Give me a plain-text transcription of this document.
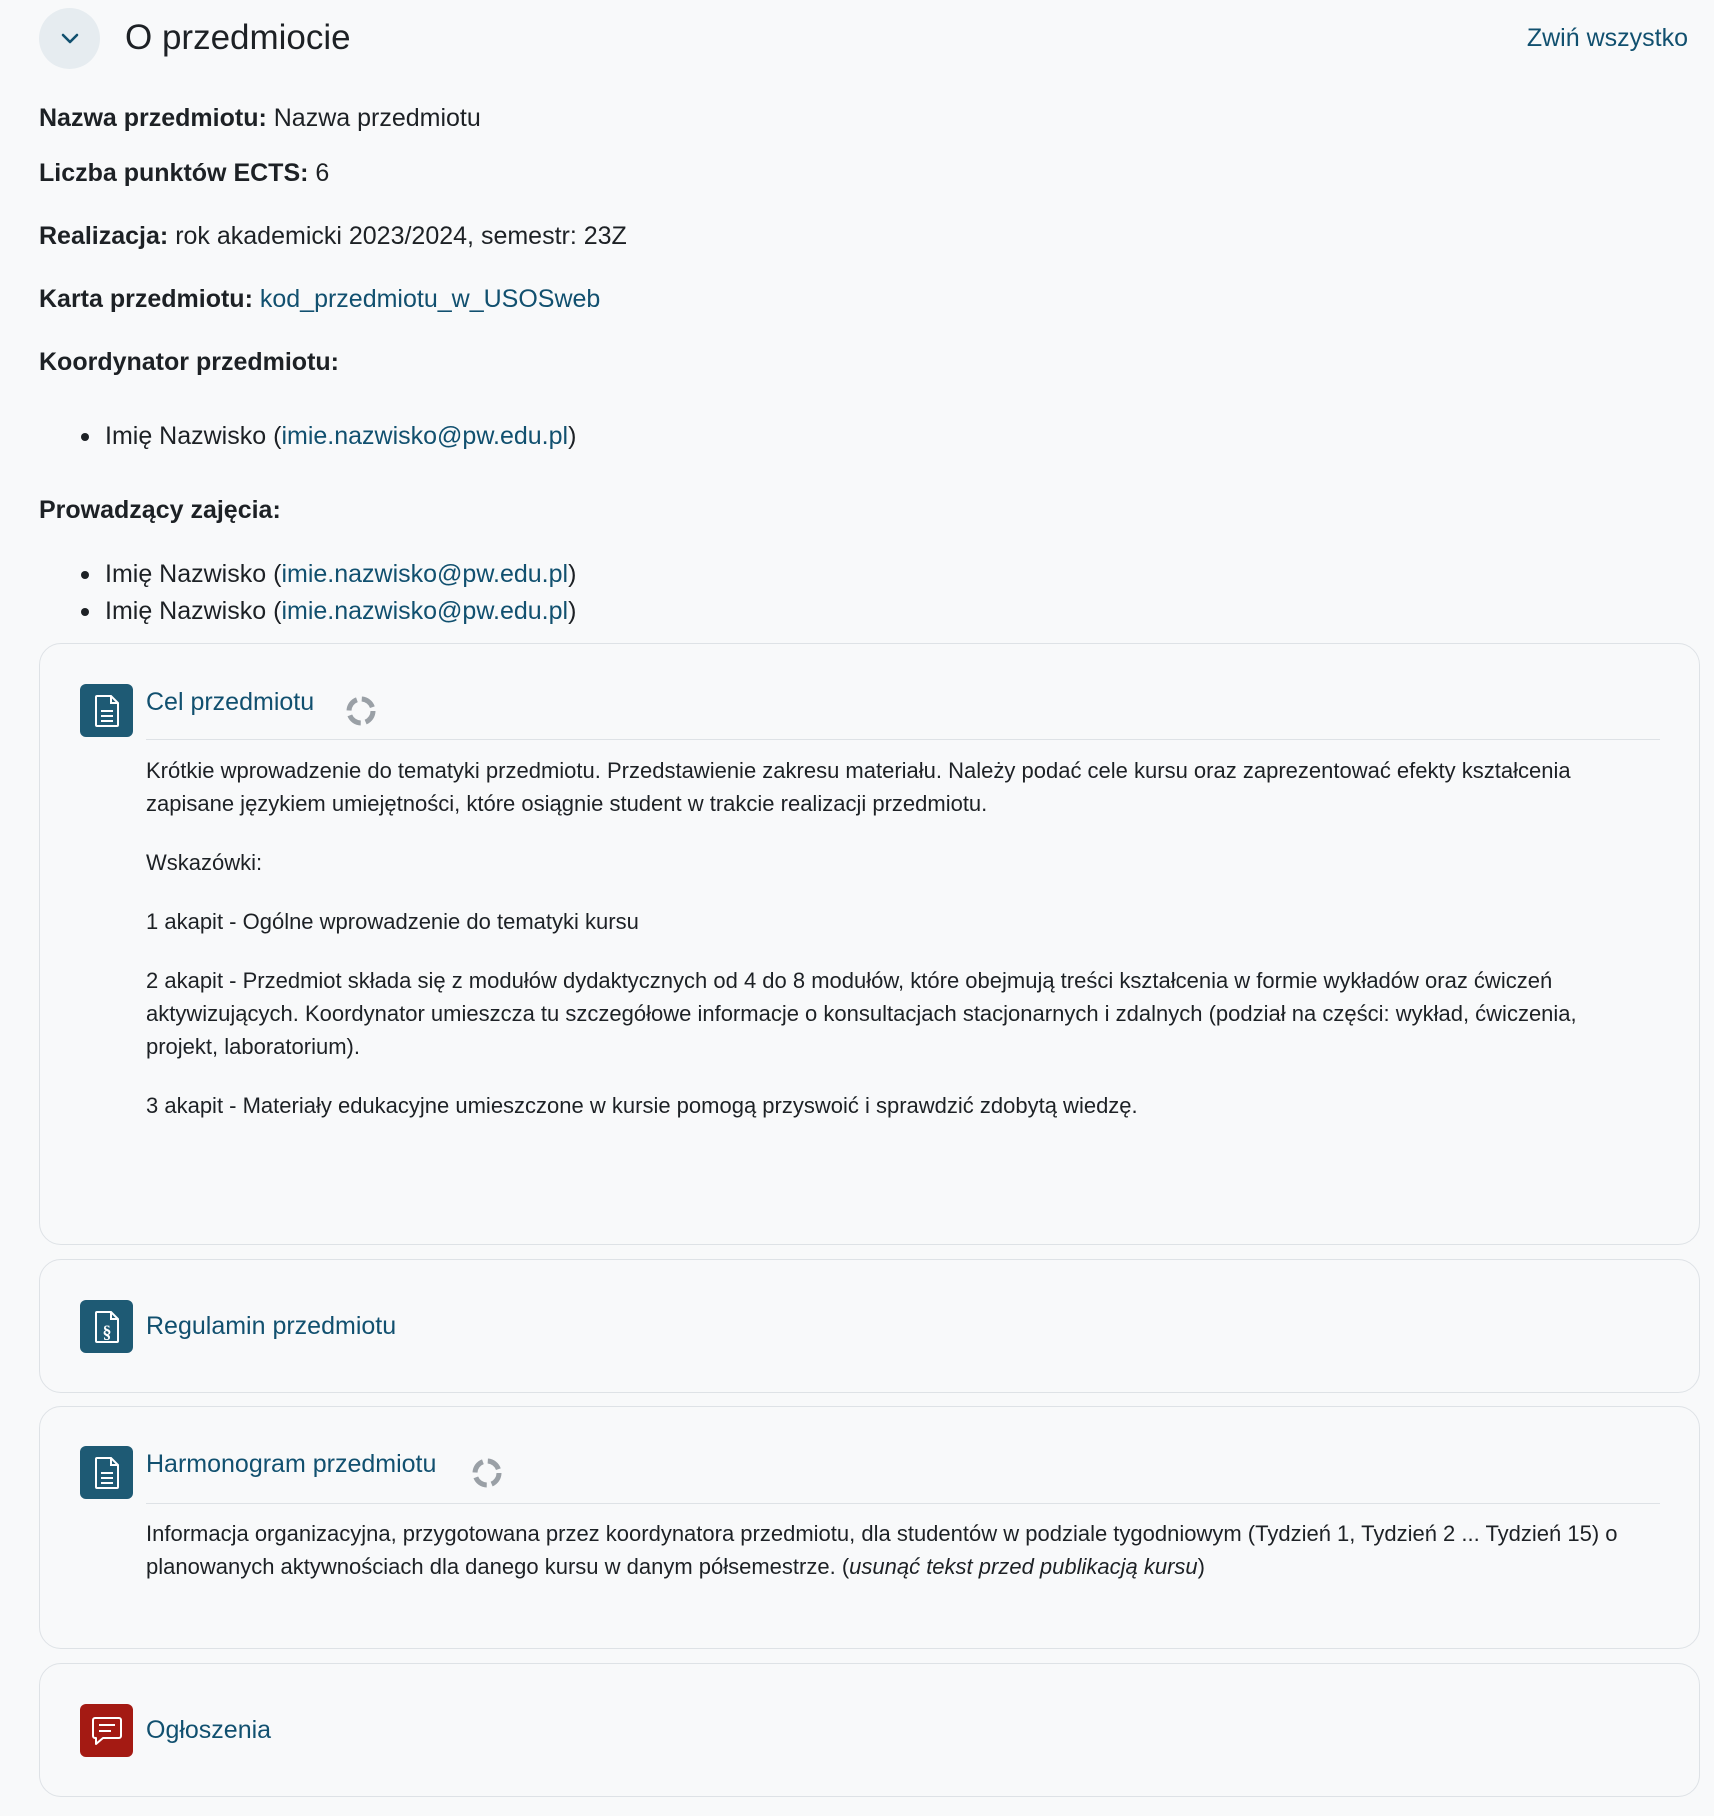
O przedmiocie	Zwiń wszystko
Nazwa przedmiotu: Nazwa przedmiotu
Liczba punktów ECTS: 6
Realizacja: rok akademicki 2023/2024, semestr: 23Z
Karta przedmiotu: kod_przedmiotu_w_USOSweb
Koordynator przedmiotu:
Imię Nazwisko (imie.nazwisko@pw.edu.pl)
Prowadzący zajęcia:
Imię Nazwisko (imie.nazwisko@pw.edu.pl)
Imię Nazwisko (imie.nazwisko@pw.edu.pl)
Cel przedmiotu

Krótkie wprowadzenie do tematyki przedmiotu. Przedstawienie zakresu materiału. Należy podać cele kursu oraz zaprezentować efekty kształcenia zapisane językiem umiejętności, które osiągnie student w trakcie realizacji przedmiotu.

Wskazówki:

1 akapit - Ogólne wprowadzenie do tematyki kursu

2 akapit - Przedmiot składa się z modułów dydaktycznych od 4 do 8 modułów, które obejmują treści kształcenia w formie wykładów oraz ćwiczeń aktywizujących. Koordynator umieszcza tu szczegółowe informacje o konsultacjach stacjonarnych i zdalnych (podział na części: wykład, ćwiczenia, projekt, laboratorium).

3 akapit - Materiały edukacyjne umieszczone w kursie pomogą przyswoić i sprawdzić zdobytą wiedzę.

§ Regulamin przedmiotu
Harmonogram przedmiotu
Informacja organizacyjna, przygotowana przez koordynatora przedmiotu, dla studentów w podziale tygodniowym (Tydzień 1, Tydzień 2 ... Tydzień 15) o planowanych aktywnościach dla danego kursu w danym półsemestrze. (usunąć tekst przed publikacją kursu)
Ogłoszenia
